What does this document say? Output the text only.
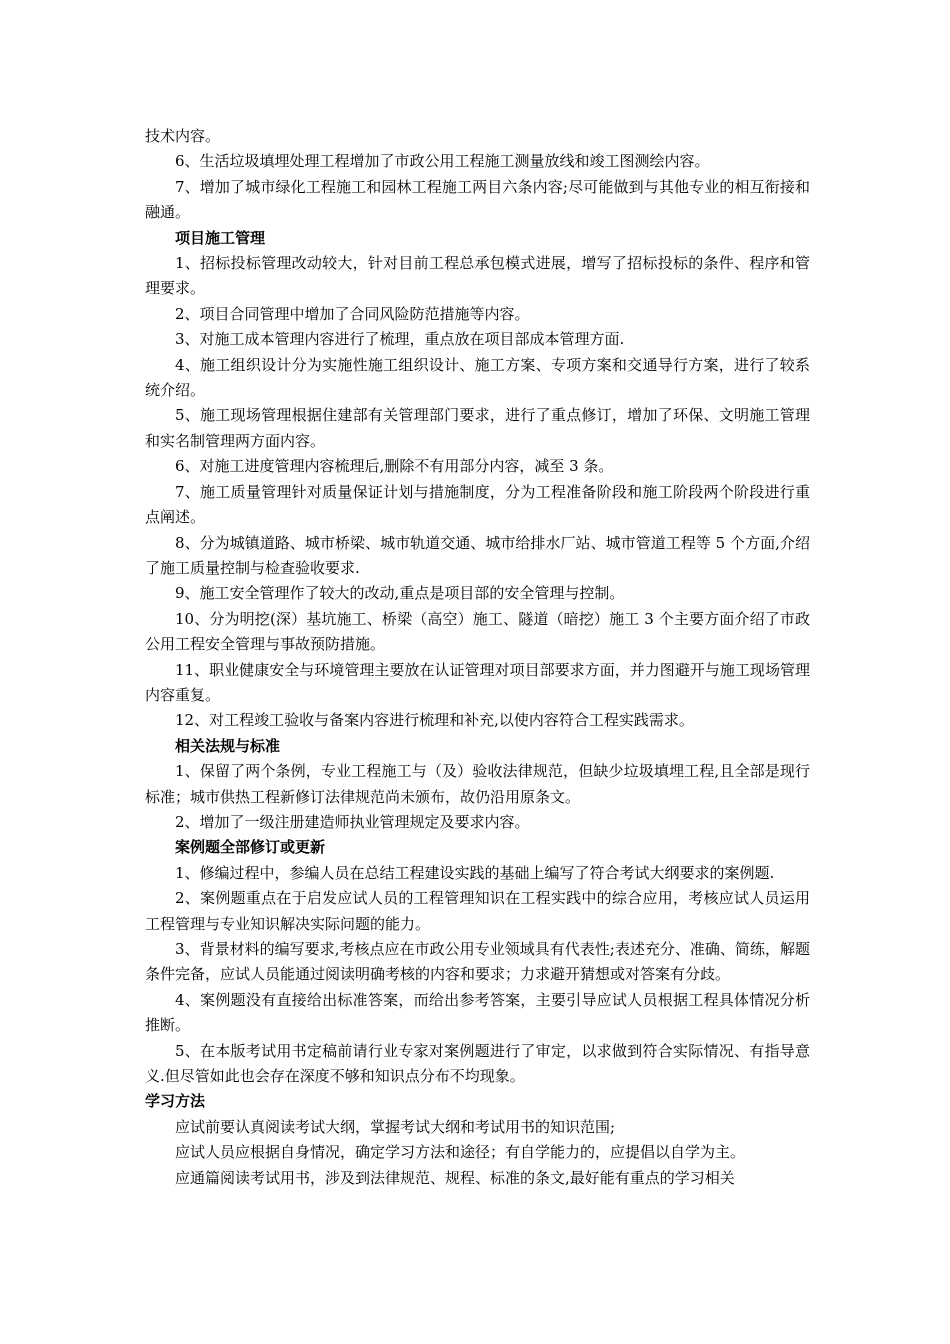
技术内容。

6、生活垃圾填埋处理工程增加了市政公用工程施工测量放线和竣工图测绘内容。

7、增加了城市绿化工程施工和园林工程施工两目六条内容;尽可能做到与其他专业的相互衔接和融通。

项目施工管理

1、招标投标管理改动较大，针对目前工程总承包模式进展，增写了招标投标的条件、程序和管理要求。

2、项目合同管理中增加了合同风险防范措施等内容。

3、对施工成本管理内容进行了梳理，重点放在项目部成本管理方面.

4、施工组织设计分为实施性施工组织设计、施工方案、专项方案和交通导行方案，进行了较系统介绍。

5、施工现场管理根据住建部有关管理部门要求，进行了重点修订，增加了环保、文明施工管理和实名制管理两方面内容。

6、对施工进度管理内容梳理后,删除不有用部分内容，减至 3 条。

7、施工质量管理针对质量保证计划与措施制度，分为工程准备阶段和施工阶段两个阶段进行重点阐述。

8、分为城镇道路、城市桥梁、城市轨道交通、城市给排水厂站、城市管道工程等 5 个方面,介绍了施工质量控制与检查验收要求.

9、施工安全管理作了较大的改动,重点是项目部的安全管理与控制。

10、分为明挖(深）基坑施工、桥梁（高空）施工、隧道（暗挖）施工 3 个主要方面介绍了市政公用工程安全管理与事故预防措施。

11、职业健康安全与环境管理主要放在认证管理对项目部要求方面，并力图避开与施工现场管理内容重复。

12、对工程竣工验收与备案内容进行梳理和补充,以使内容符合工程实践需求。

相关法规与标准

1、保留了两个条例，专业工程施工与（及）验收法律规范，但缺少垃圾填埋工程,且全部是现行标准；城市供热工程新修订法律规范尚未颁布，故仍沿用原条文。

2、增加了一级注册建造师执业管理规定及要求内容。

案例题全部修订或更新

1、修编过程中，参编人员在总结工程建设实践的基础上编写了符合考试大纲要求的案例题.

2、案例题重点在于启发应试人员的工程管理知识在工程实践中的综合应用，考核应试人员运用工程管理与专业知识解决实际问题的能力。

3、背景材料的编写要求,考核点应在市政公用专业领域具有代表性;表述充分、准确、简练，解题条件完备，应试人员能通过阅读明确考核的内容和要求；力求避开猜想或对答案有分歧。

4、案例题没有直接给出标准答案，而给出参考答案，主要引导应试人员根据工程具体情况分析推断。

5、在本版考试用书定稿前请行业专家对案例题进行了审定，以求做到符合实际情况、有指导意义.但尽管如此也会存在深度不够和知识点分布不均现象。

学习方法

应试前要认真阅读考试大纲，掌握考试大纲和考试用书的知识范围;

应试人员应根据自身情况，确定学习方法和途径；有自学能力的，应提倡以自学为主。

应通篇阅读考试用书，涉及到法律规范、规程、标准的条文,最好能有重点的学习相关
